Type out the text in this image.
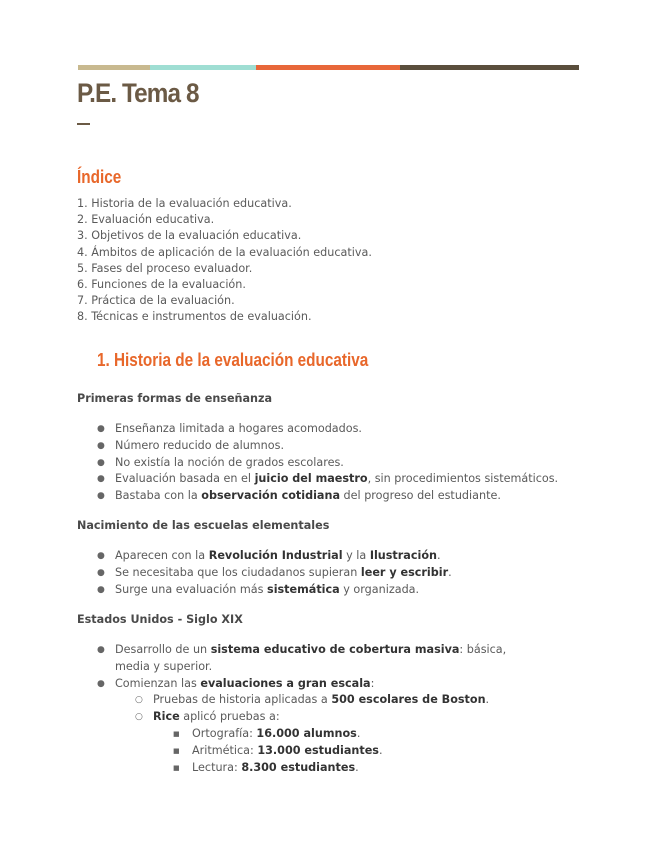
P.E. Tema 8
Índice
1. Historia de la evaluación educativa.
2. Evaluación educativa.
3. Objetivos de la evaluación educativa.
4. Ámbitos de aplicación de la evaluación educativa.
5. Fases del proceso evaluador.
6. Funciones de la evaluación.
7. Práctica de la evaluación.
8. Técnicas e instrumentos de evaluación.
1. Historia de la evaluación educativa
Primeras formas de enseñanza
● Enseñanza limitada a hogares acomodados.
● Número reducido de alumnos.
● No existía la noción de grados escolares.
● Evaluación basada en el juicio del maestro, sin procedimientos sistemáticos.
● Bastaba con la observación cotidiana del progreso del estudiante.
Nacimiento de las escuelas elementales
● Aparecen con la Revolución Industrial y la Ilustración.
● Se necesitaba que los ciudadanos supieran leer y escribir.
● Surge una evaluación más sistemática y organizada.
Estados Unidos - Siglo XIX
● Desarrollo de un sistema educativo de cobertura masiva: básica, media y superior.
● Comienzan las evaluaciones a gran escala:
○ Pruebas de historia aplicadas a 500 escolares de Boston.
○ Rice aplicó pruebas a:
■ Ortografía: 16.000 alumnos.
■ Aritmética: 13.000 estudiantes.
■ Lectura: 8.300 estudiantes.
